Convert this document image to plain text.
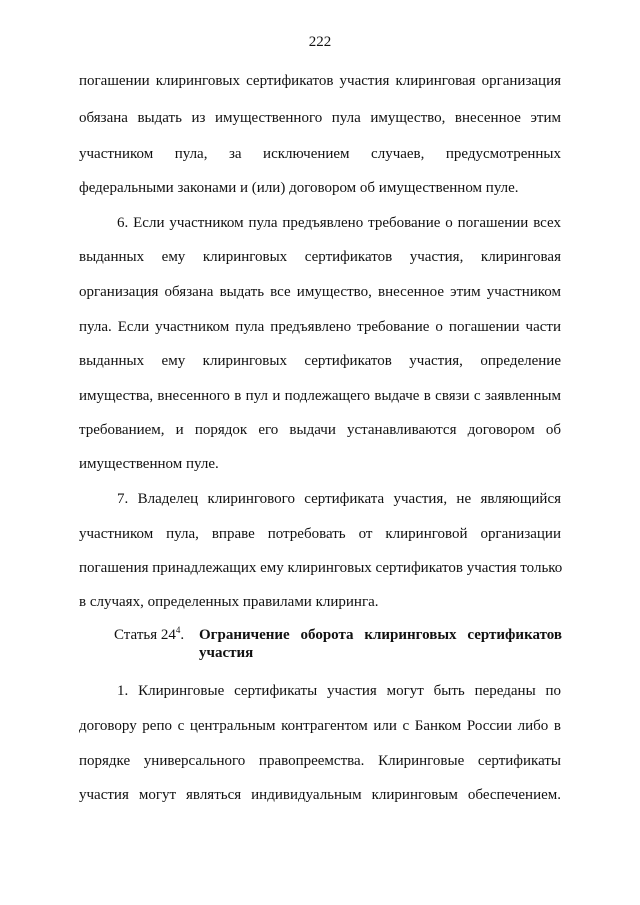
222
погашении клиринговых сертификатов участия клиринговая организация
обязана выдать из имущественного пула имущество, внесенное этим
участником пула, за исключением случаев, предусмотренных
федеральными законами и (или) договором об имущественном пуле.
6. Если участником пула предъявлено требование о погашении всех
выданных ему клиринговых сертификатов участия, клиринговая
организация обязана выдать все имущество, внесенное этим участником
пула. Если участником пула предъявлено требование о погашении части
выданных ему клиринговых сертификатов участия, определение
имущества, внесенного в пул и подлежащего выдаче в связи с заявленным
требованием, и порядок его выдачи устанавливаются договором об
имущественном пуле.
7. Владелец клирингового сертификата участия, не являющийся
участником пула, вправе потребовать от клиринговой организации
погашения принадлежащих ему клиринговых сертификатов участия только
в случаях, определенных правилами клиринга.
Статья $24^4$. Ограничение оборота клиринговых сертификатов
участия
1. Клиринговые сертификаты участия могут быть переданы по
договору репо с центральным контрагентом или с Банком России либо в
порядке универсального правопреемства. Клиринговые сертификаты
участия могут являться индивидуальным клиринговым обеспечением.
